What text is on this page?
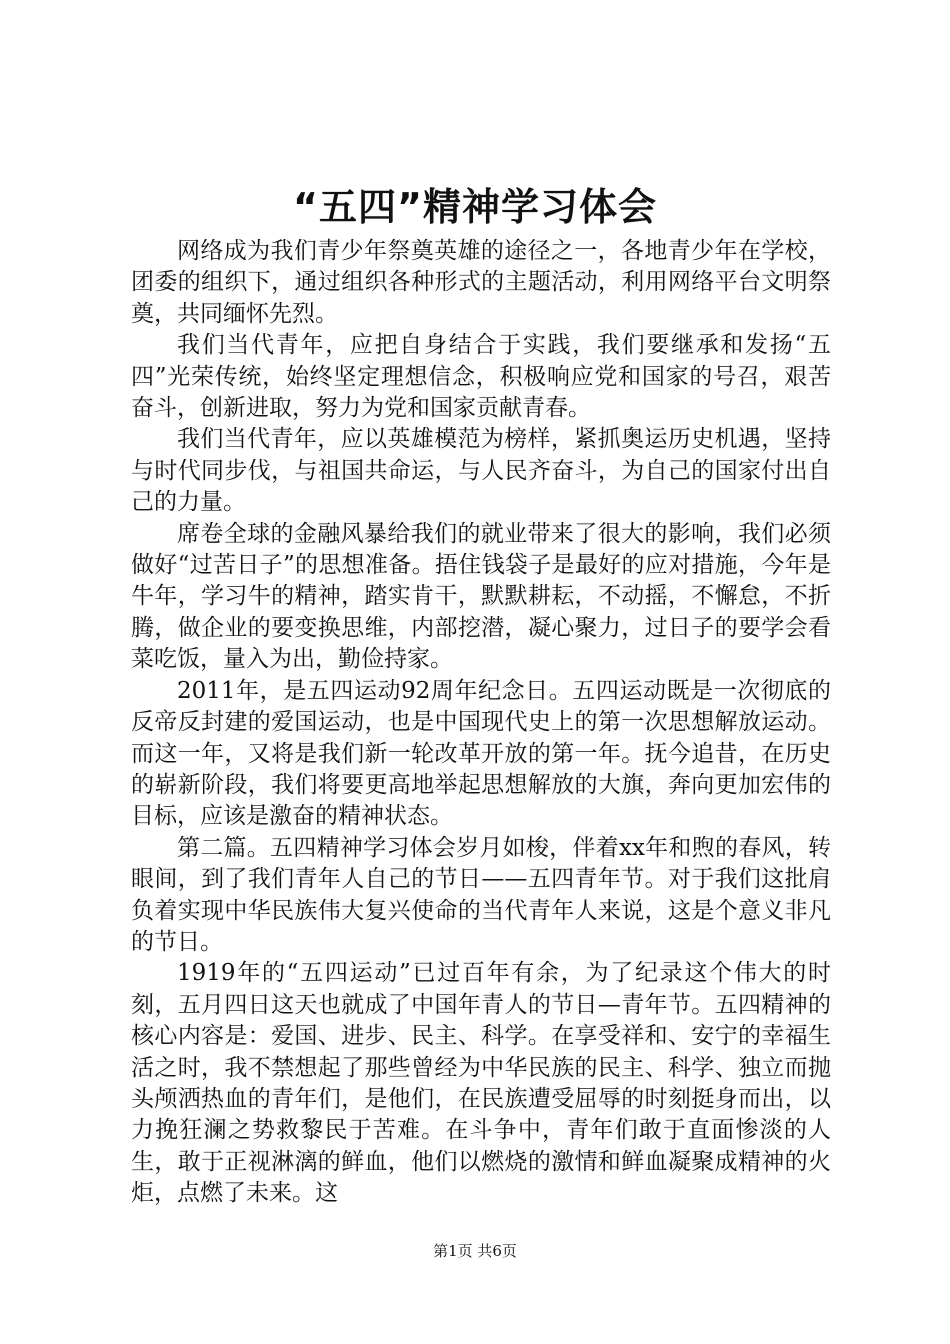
“五四”精神学习体会

网络成为我们青少年祭奠英雄的途径之一，各地青少年在学校，团委的组织下，通过组织各种形式的主题活动，利用网络平台文明祭奠，共同缅怀先烈。

我们当代青年，应把自身结合于实践，我们要继承和发扬“五四”光荣传统，始终坚定理想信念，积极响应党和国家的号召，艰苦奋斗，创新进取，努力为党和国家贡献青春。

我们当代青年，应以英雄模范为榜样，紧抓奥运历史机遇，坚持与时代同步伐，与祖国共命运，与人民齐奋斗，为自己的国家付出自己的力量。

席卷全球的金融风暴给我们的就业带来了很大的影响，我们必须做好“过苦日子”的思想准备。捂住钱袋子是最好的应对措施，今年是牛年，学习牛的精神，踏实肯干，默默耕耘，不动摇，不懈怠，不折腾，做企业的要变换思维，内部挖潜，凝心聚力，过日子的要学会看菜吃饭，量入为出，勤俭持家。

2011年，是五四运动92周年纪念日。五四运动既是一次彻底的反帝反封建的爱国运动，也是中国现代史上的第一次思想解放运动。而这一年，又将是我们新一轮改革开放的第一年。抚今追昔，在历史的崭新阶段，我们将要更高地举起思想解放的大旗，奔向更加宏伟的目标，应该是激奋的精神状态。

第二篇。五四精神学习体会岁月如梭，伴着xx年和煦的春风，转眼间，到了我们青年人自己的节日——五四青年节。对于我们这批肩负着实现中华民族伟大复兴使命的当代青年人来说，这是个意义非凡的节日。

1919年的“五四运动”已过百年有余，为了纪录这个伟大的时刻，五月四日这天也就成了中国年青人的节日—青年节。五四精神的核心内容是：爱国、进步、民主、科学。在享受祥和、安宁的幸福生活之时，我不禁想起了那些曾经为中华民族的民主、科学、独立而抛头颅洒热血的青年们，是他们，在民族遭受屈辱的时刻挺身而出，以力挽狂澜之势救黎民于苦难。在斗争中，青年们敢于直面惨淡的人生，敢于正视淋漓的鲜血，他们以燃烧的激情和鲜血凝聚成精神的火炬，点燃了未来。这

第1页 共6页
